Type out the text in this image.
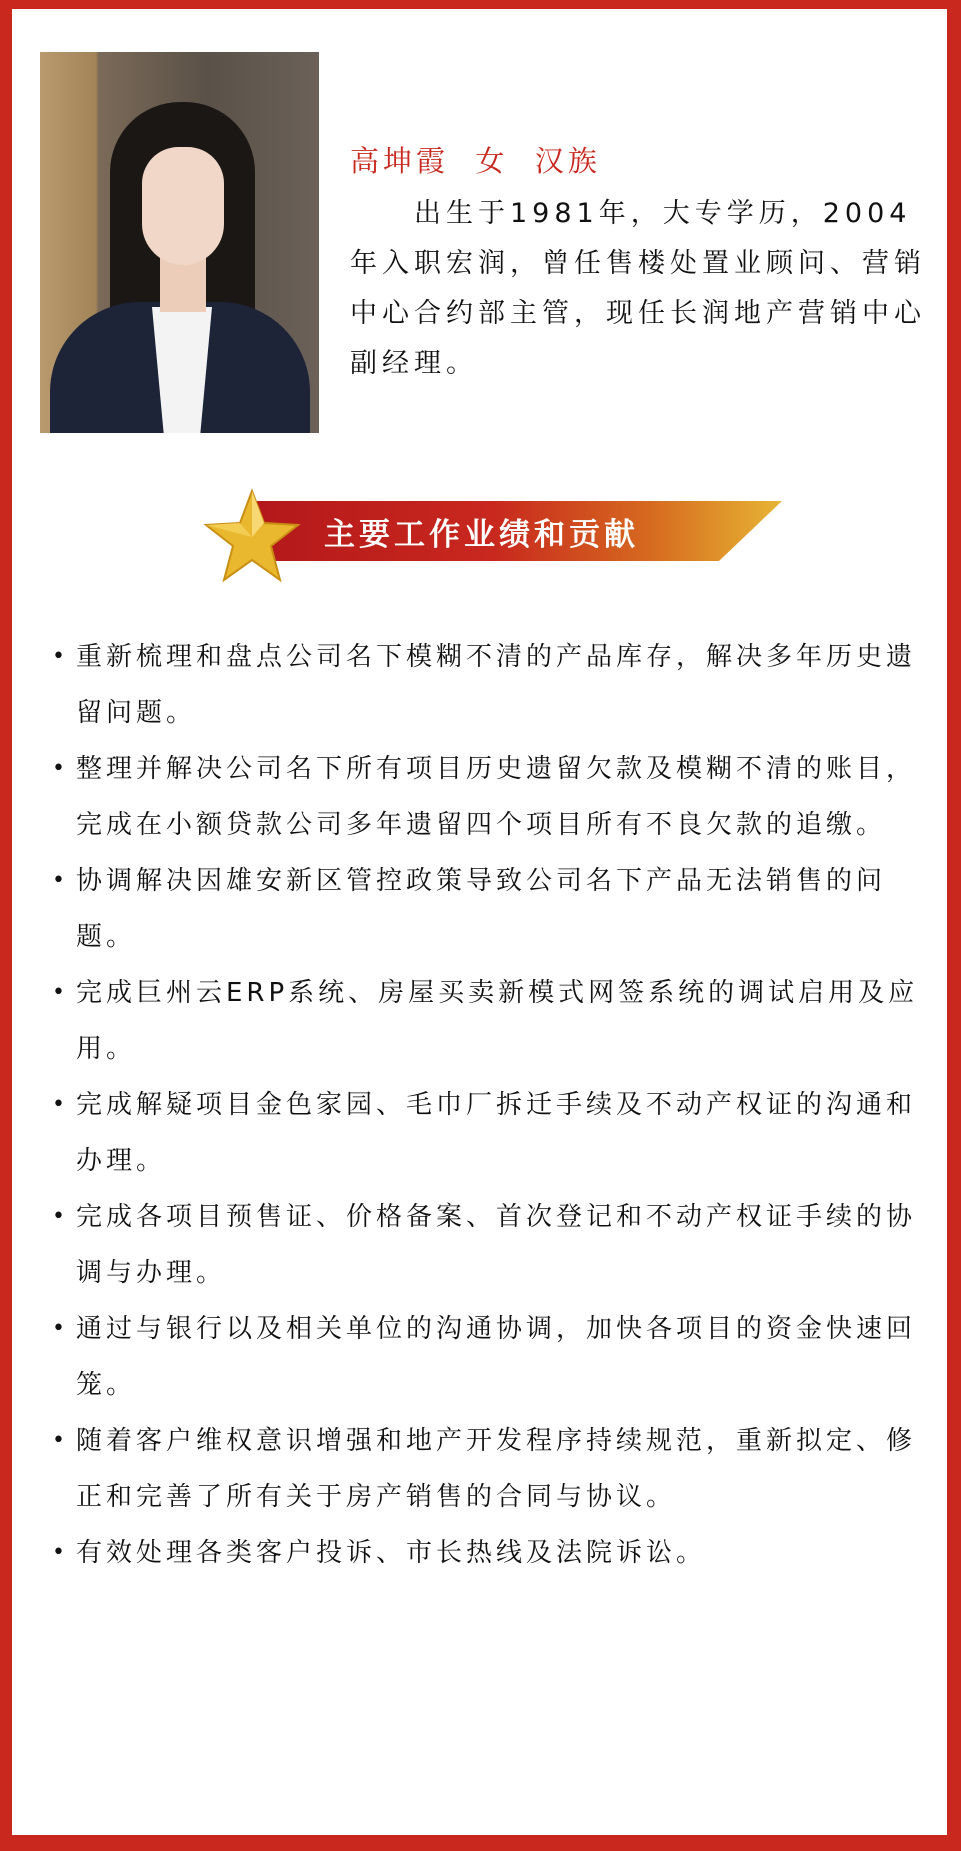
高坤霞  女  汉族

出生于1981年，大专学历，2004年入职宏润，曾任售楼处置业顾问、营销中心合约部主管，现任长润地产营销中心副经理。

主要工作业绩和贡献
• 重新梳理和盘点公司名下模糊不清的产品库存，解决多年历史遗留问题。
• 整理并解决公司名下所有项目历史遗留欠款及模糊不清的账目，完成在小额贷款公司多年遗留四个项目所有不良欠款的追缴。
• 协调解决因雄安新区管控政策导致公司名下产品无法销售的问题。
• 完成巨州云ERP系统、房屋买卖新模式网签系统的调试启用及应用。
• 完成解疑项目金色家园、毛巾厂拆迁手续及不动产权证的沟通和办理。
• 完成各项目预售证、价格备案、首次登记和不动产权证手续的协调与办理。
• 通过与银行以及相关单位的沟通协调，加快各项目的资金快速回笼。
• 随着客户维权意识增强和地产开发程序持续规范，重新拟定、修正和完善了所有关于房产销售的合同与协议。
• 有效处理各类客户投诉、市长热线及法院诉讼。
